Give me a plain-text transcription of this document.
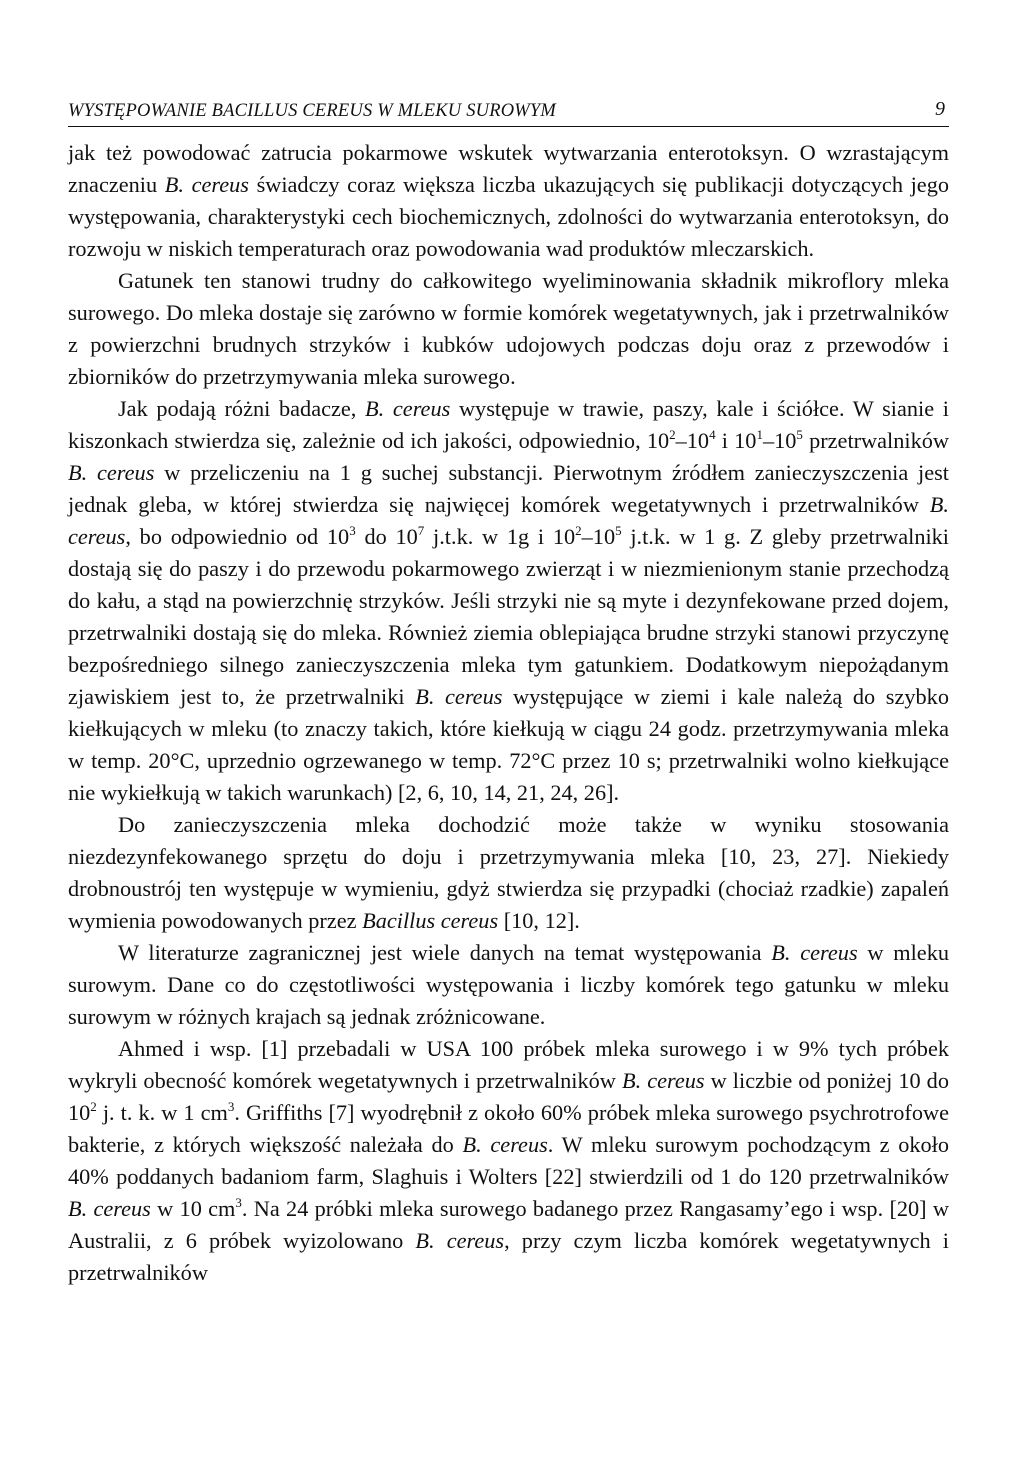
WYSTĘPOWANIE BACILLUS CEREUS W MLEKU SUROWYM	9

jak też powodować zatrucia pokarmowe wskutek wytwarzania enterotoksyn. O wzrastającym znaczeniu B. cereus świadczy coraz większa liczba ukazujących się publikacji dotyczących jego występowania, charakterystyki cech biochemicznych, zdolności do wytwarzania enterotoksyn, do rozwoju w niskich temperaturach oraz powodowania wad produktów mleczarskich.

Gatunek ten stanowi trudny do całkowitego wyeliminowania składnik mikroflory mleka surowego. Do mleka dostaje się zarówno w formie komórek wegetatywnych, jak i przetrwalników z powierzchni brudnych strzyków i kubków udojowych podczas doju oraz z przewodów i zbiorników do przetrzymywania mleka surowego.

Jak podają różni badacze, B. cereus występuje w trawie, paszy, kale i ściółce. W sianie i kiszonkach stwierdza się, zależnie od ich jakości, odpowiednio, $10^2-10^4$ i $10^1-10^5$ przetrwalników B. cereus w przeliczeniu na 1 g suchej substancji. Pierwotnym źródłem zanieczyszczenia jest jednak gleba, w której stwierdza się najwięcej komórek wegetatywnych i przetrwalników B. cereus, bo odpowiednio od $10^3$ do $10^7$ j.t.k. w 1g i $10^2-10^5$ j.t.k. w 1 g. Z gleby przetrwalniki dostają się do paszy i do przewodu pokarmowego zwierząt i w niezmienionym stanie przechodzą do kału, a stąd na powierzchnię strzyków. Jeśli strzyki nie są myte i dezynfekowane przed dojem, przetrwalniki dostają się do mleka. Również ziemia oblepiająca brudne strzyki stanowi przyczynę bezpośredniego silnego zanieczyszczenia mleka tym gatunkiem. Dodatkowym niepożądanym zjawiskiem jest to, że przetrwalniki B. cereus występujące w ziemi i kale należą do szybko kiełkujących w mleku (to znaczy takich, które kiełkują w ciągu 24 godz. przetrzymywania mleka w temp. 20°C, uprzednio ogrzewanego w temp. 72°C przez 10 s; przetrwalniki wolno kiełkujące nie wykiełkują w takich warunkach) [2, 6, 10, 14, 21, 24, 26].

Do zanieczyszczenia mleka dochodzić może także w wyniku stosowania niezdezynfekowanego sprzętu do doju i przetrzymywania mleka [10, 23, 27]. Niekiedy drobnoustrój ten występuje w wymieniu, gdyż stwierdza się przypadki (chociaż rzadkie) zapaleń wymienia powodowanych przez Bacillus cereus [10, 12].

W literaturze zagranicznej jest wiele danych na temat występowania B. cereus w mleku surowym. Dane co do częstotliwości występowania i liczby komórek tego gatunku w mleku surowym w różnych krajach są jednak zróżnicowane.

Ahmed i wsp. [1] przebadali w USA 100 próbek mleka surowego i w 9% tych próbek wykryli obecność komórek wegetatywnych i przetrwalników B. cereus w liczbie od poniżej 10 do $10^2$ j. t. k. w 1 $cm^3$. Griffiths [7] wyodrębnił z około 60% próbek mleka surowego psychrotrofowe bakterie, z których większość należała do B. cereus. W mleku surowym pochodzącym z około 40% poddanych badaniom farm, Slaghuis i Wolters [22] stwierdzili od 1 do 120 przetrwalników B. cereus w 10 $cm^3$. Na 24 próbki mleka surowego badanego przez Rangasamy’ego i wsp. [20] w Australii, z 6 próbek wyizolowano B. cereus, przy czym liczba komórek wegetatywnych i przetrwalników
